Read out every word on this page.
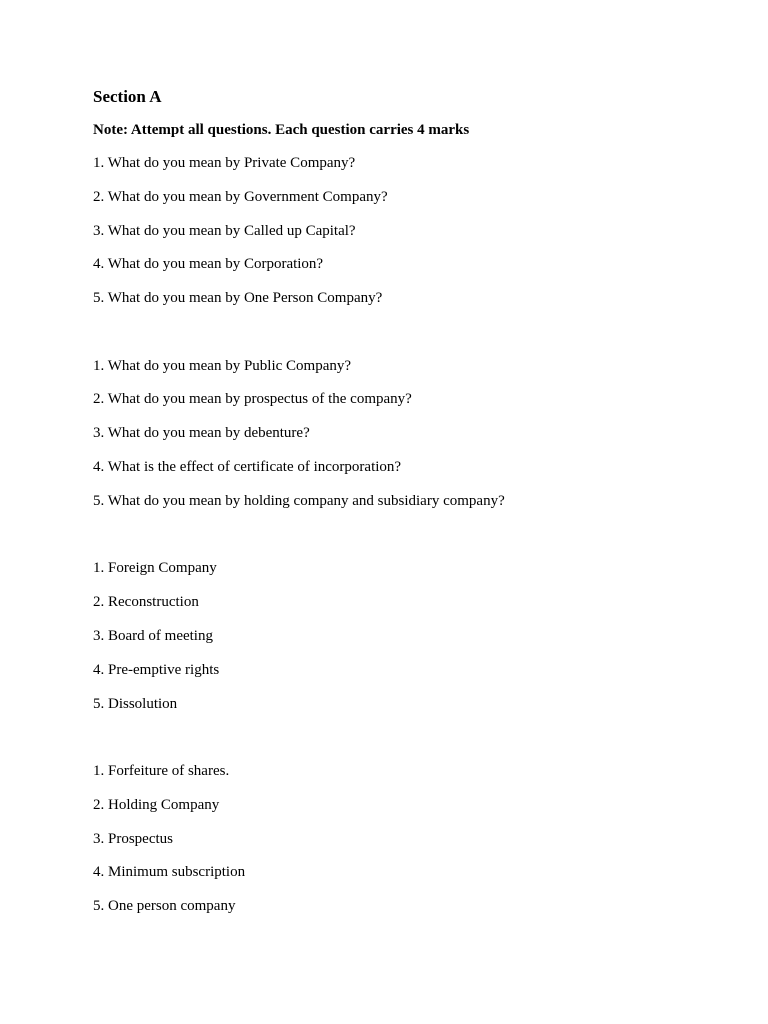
Section A
Note: Attempt all questions. Each question carries 4 marks
1. What do you mean by Private Company?
2. What do you mean by Government Company?
3. What do you mean by Called up Capital?
4. What do you mean by Corporation?
5. What do you mean by One Person Company?
1. What do you mean by Public Company?
2. What do you mean by prospectus of the company?
3. What do you mean by debenture?
4. What is the effect of certificate of incorporation?
5. What do you mean by holding company and subsidiary company?
1. Foreign Company
2. Reconstruction
3. Board of meeting
4. Pre-emptive rights
5. Dissolution
1. Forfeiture of shares.
2. Holding Company
3. Prospectus
4. Minimum subscription
5. One person company
